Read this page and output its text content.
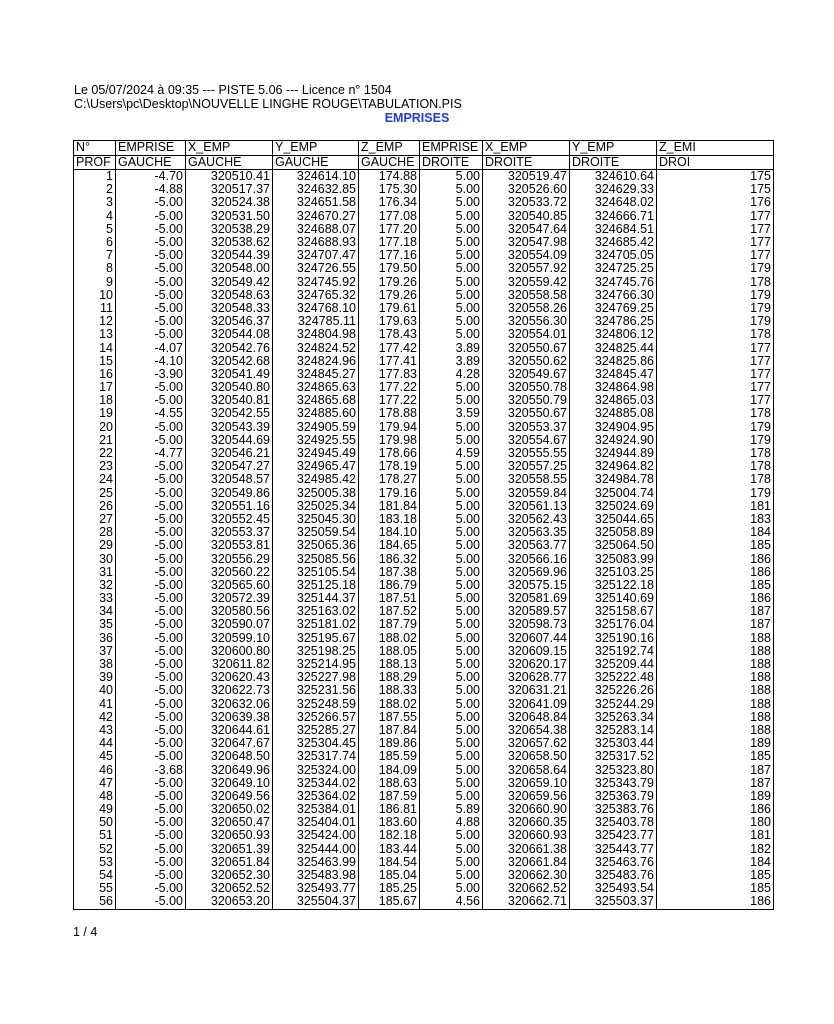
Le 05/07/2024 à 09:35 --- PISTE 5.06 --- Licence n° 1504
C:\Users\pc\Desktop\NOUVELLE LINGHE ROUGE\TABULATION.PIS
EMPRISES
N°	EMPRISE	X_EMP	Y_EMP	Z_EMP	EMPRISE	X_EMP	Y_EMP	Z_EMI
PROF	GAUCHE	GAUCHE	GAUCHE	GAUCHE	DROITE	DROITE	DROITE	DROI
1	-4.70	320510.41	324614.10	174.88	5.00	320519.47	324610.64	175
2	-4.88	320517.37	324632.85	175.30	5.00	320526.60	324629.33	175
3	-5.00	320524.38	324651.58	176.34	5.00	320533.72	324648.02	176
4	-5.00	320531.50	324670.27	177.08	5.00	320540.85	324666.71	177
5	-5.00	320538.29	324688.07	177.20	5.00	320547.64	324684.51	177
6	-5.00	320538.62	324688.93	177.18	5.00	320547.98	324685.42	177
7	-5.00	320544.39	324707.47	177.16	5.00	320554.09	324705.05	177
8	-5.00	320548.00	324726.55	179.50	5.00	320557.92	324725.25	179
9	-5.00	320549.42	324745.92	179.26	5.00	320559.42	324745.76	178
10	-5.00	320548.63	324765.32	179.26	5.00	320558.58	324766.30	179
11	-5.00	320548.33	324768.10	179.61	5.00	320558.26	324769.25	179
12	-5.00	320546.37	324785.11	179.63	5.00	320556.30	324786.25	179
13	-5.00	320544.08	324804.98	178.43	5.00	320554.01	324806.12	178
14	-4.07	320542.76	324824.52	177.42	3.89	320550.67	324825.44	177
15	-4.10	320542.68	324824.96	177.41	3.89	320550.62	324825.86	177
16	-3.90	320541.49	324845.27	177.83	4.28	320549.67	324845.47	177
17	-5.00	320540.80	324865.63	177.22	5.00	320550.78	324864.98	177
18	-5.00	320540.81	324865.68	177.22	5.00	320550.79	324865.03	177
19	-4.55	320542.55	324885.60	178.88	3.59	320550.67	324885.08	178
20	-5.00	320543.39	324905.59	179.94	5.00	320553.37	324904.95	179
21	-5.00	320544.69	324925.55	179.98	5.00	320554.67	324924.90	179
22	-4.77	320546.21	324945.49	178.66	4.59	320555.55	324944.89	178
23	-5.00	320547.27	324965.47	178.19	5.00	320557.25	324964.82	178
24	-5.00	320548.57	324985.42	178.27	5.00	320558.55	324984.78	178
25	-5.00	320549.86	325005.38	179.16	5.00	320559.84	325004.74	179
26	-5.00	320551.16	325025.34	181.84	5.00	320561.13	325024.69	181
27	-5.00	320552.45	325045.30	183.18	5.00	320562.43	325044.65	183
28	-5.00	320553.37	325059.54	184.10	5.00	320563.35	325058.89	184
29	-5.00	320553.81	325065.36	184.65	5.00	320563.77	325064.50	185
30	-5.00	320556.29	325085.56	186.32	5.00	320566.16	325083.99	186
31	-5.00	320560.22	325105.54	187.38	5.00	320569.96	325103.25	186
32	-5.00	320565.60	325125.18	186.79	5.00	320575.15	325122.18	185
33	-5.00	320572.39	325144.37	187.51	5.00	320581.69	325140.69	186
34	-5.00	320580.56	325163.02	187.52	5.00	320589.57	325158.67	187
35	-5.00	320590.07	325181.02	187.79	5.00	320598.73	325176.04	187
36	-5.00	320599.10	325195.67	188.02	5.00	320607.44	325190.16	188
37	-5.00	320600.80	325198.25	188.05	5.00	320609.15	325192.74	188
38	-5.00	320611.82	325214.95	188.13	5.00	320620.17	325209.44	188
39	-5.00	320620.43	325227.98	188.29	5.00	320628.77	325222.48	188
40	-5.00	320622.73	325231.56	188.33	5.00	320631.21	325226.26	188
41	-5.00	320632.06	325248.59	188.02	5.00	320641.09	325244.29	188
42	-5.00	320639.38	325266.57	187.55	5.00	320648.84	325263.34	188
43	-5.00	320644.61	325285.27	187.84	5.00	320654.38	325283.14	188
44	-5.00	320647.67	325304.45	189.86	5.00	320657.62	325303.44	189
45	-5.00	320648.50	325317.74	185.59	5.00	320658.50	325317.52	185
46	-3.68	320649.96	325324.00	184.09	5.00	320658.64	325323.80	187
47	-5.00	320649.10	325344.02	188.63	5.00	320659.10	325343.79	187
48	-5.00	320649.56	325364.02	187.59	5.00	320659.56	325363.79	189
49	-5.00	320650.02	325384.01	186.81	5.89	320660.90	325383.76	186
50	-5.00	320650.47	325404.01	183.60	4.88	320660.35	325403.78	180
51	-5.00	320650.93	325424.00	182.18	5.00	320660.93	325423.77	181
52	-5.00	320651.39	325444.00	183.44	5.00	320661.38	325443.77	182
53	-5.00	320651.84	325463.99	184.54	5.00	320661.84	325463.76	184
54	-5.00	320652.30	325483.98	185.04	5.00	320662.30	325483.76	185
55	-5.00	320652.52	325493.77	185.25	5.00	320662.52	325493.54	185
56	-5.00	320653.20	325504.37	185.67	4.56	320662.71	325503.37	186
1 / 4
